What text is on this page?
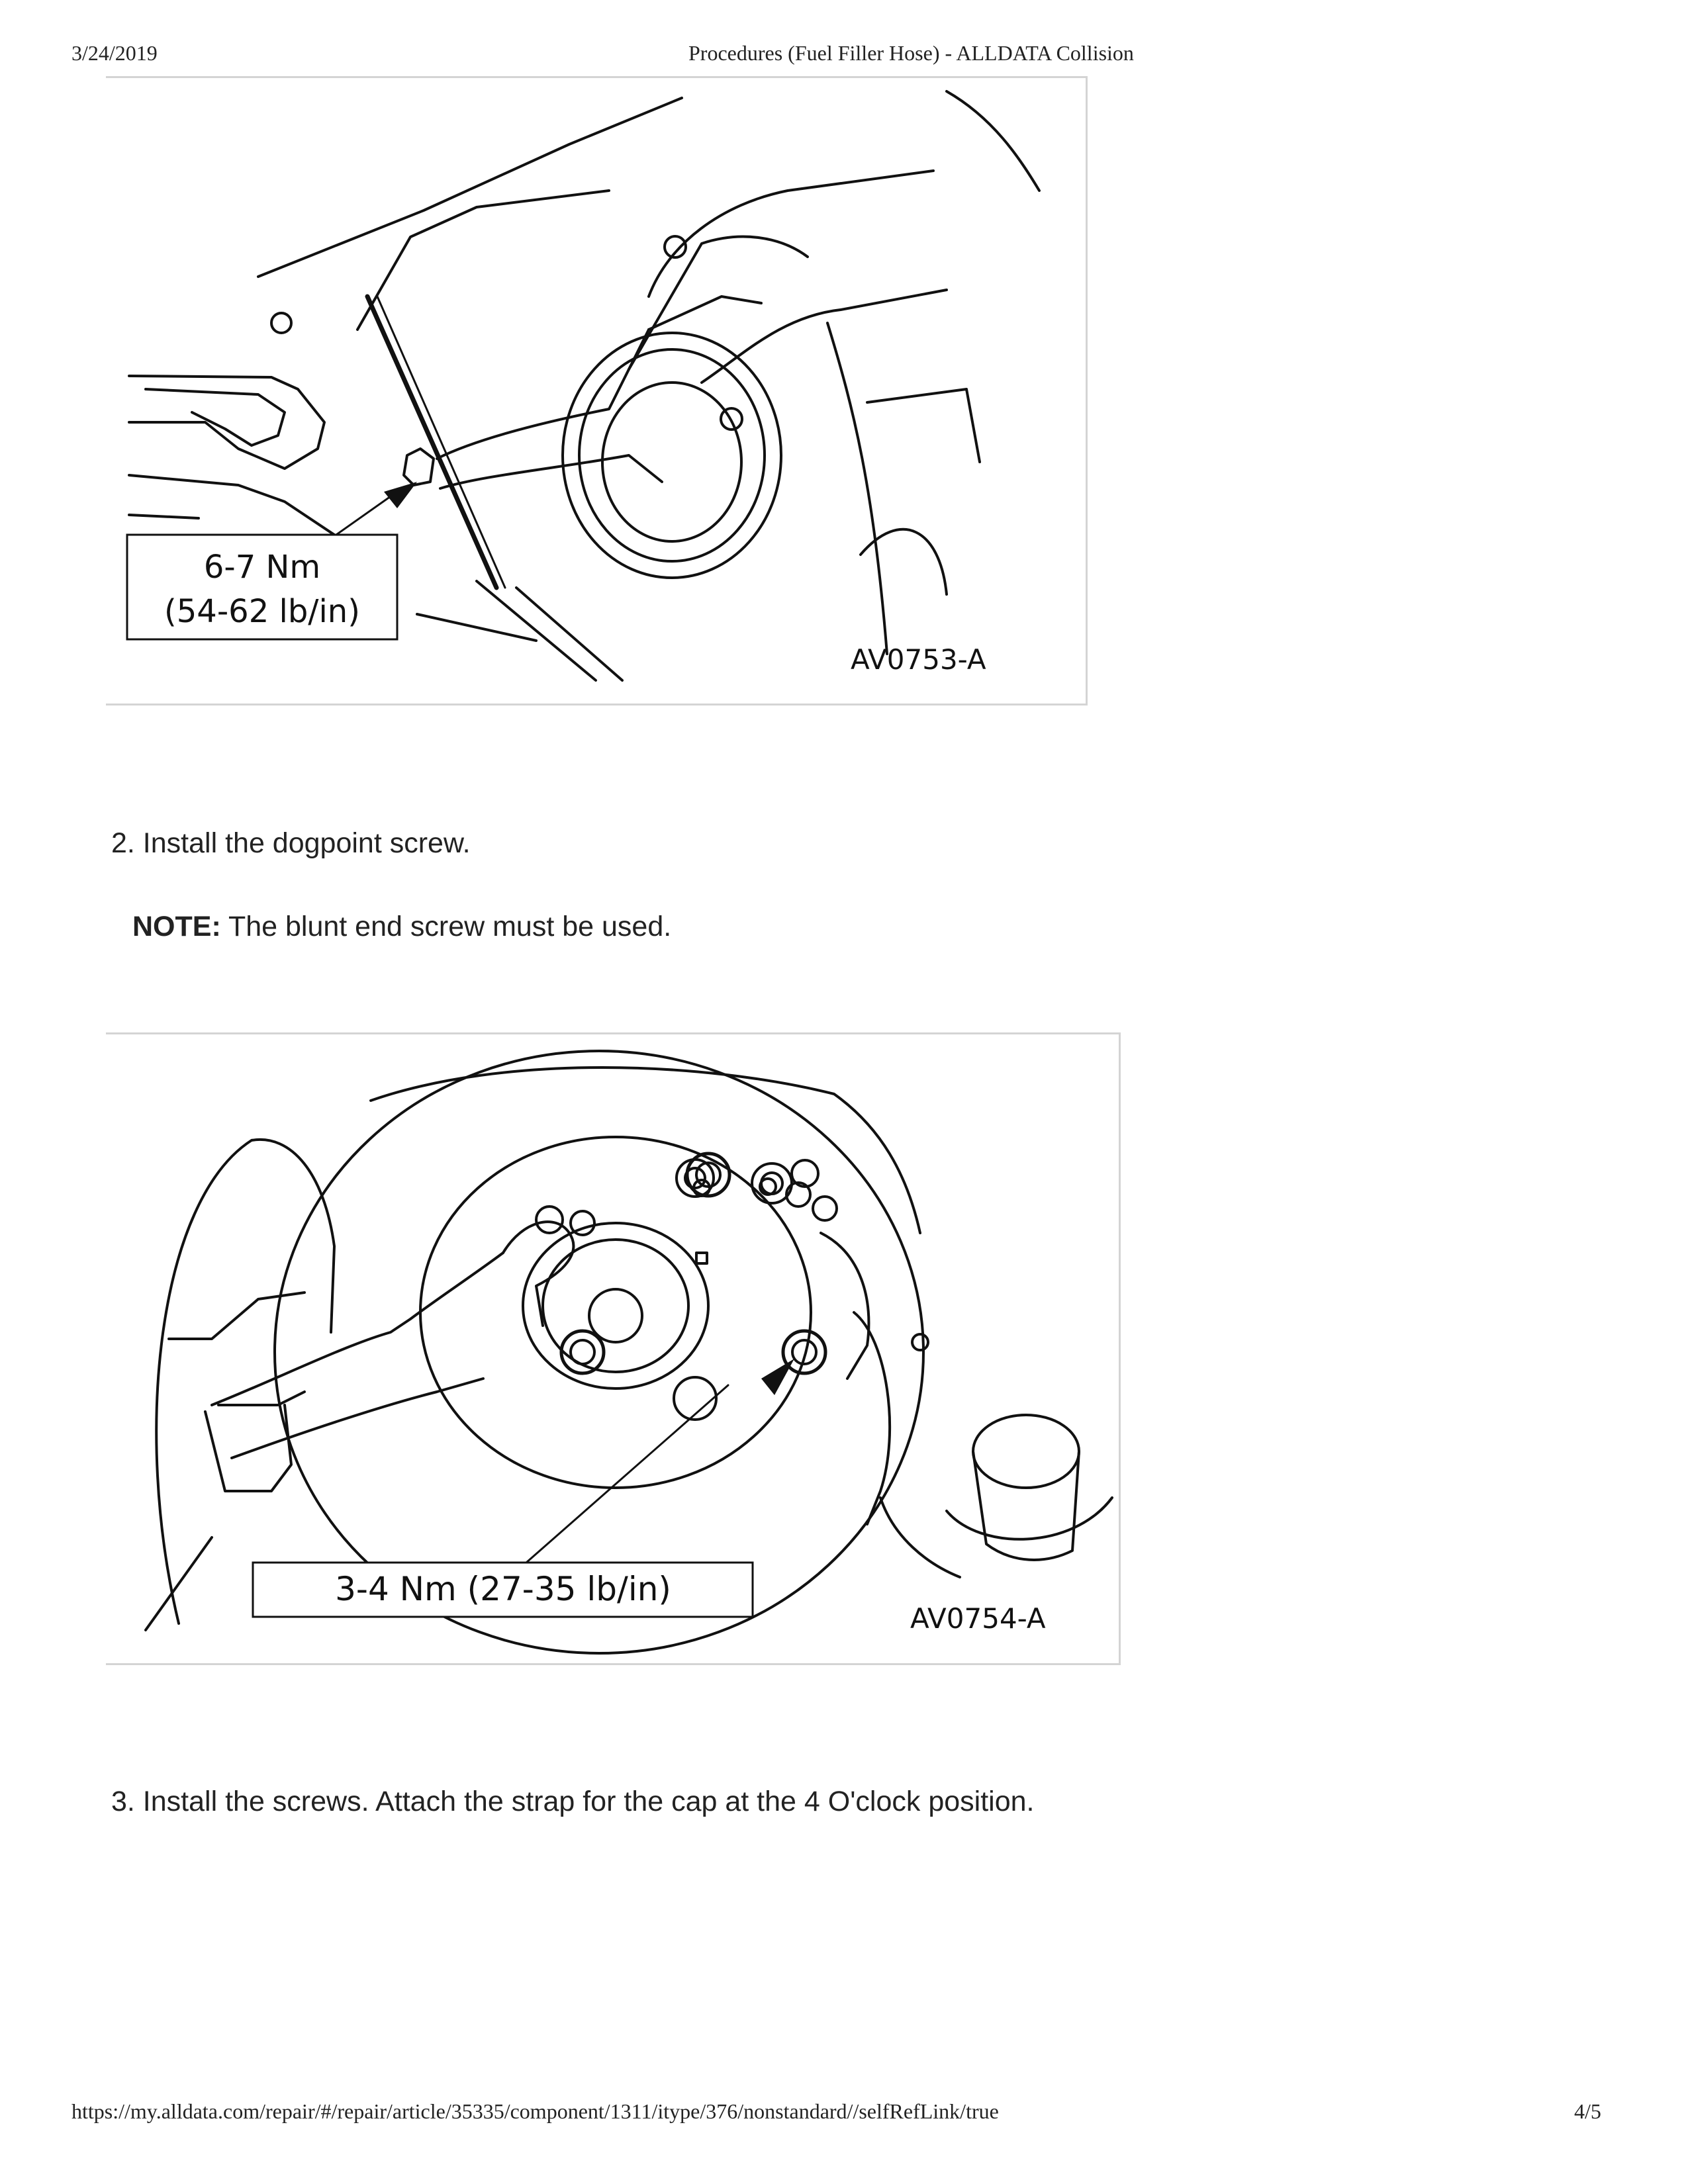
3/24/2019	Procedures (Fuel Filler Hose) - ALLDATA Collision
6-7 Nm
(54-62 lb/in)
AV0753-A
2. Install the dogpoint screw.
NOTE: The blunt end screw must be used.
3-4 Nm (27-35 lb/in)
AV0754-A
3. Install the screws. Attach the strap for the cap at the 4 O'clock position.
https://my.alldata.com/repair/#/repair/article/35335/component/1311/itype/376/nonstandard//selfRefLink/true	4/5
